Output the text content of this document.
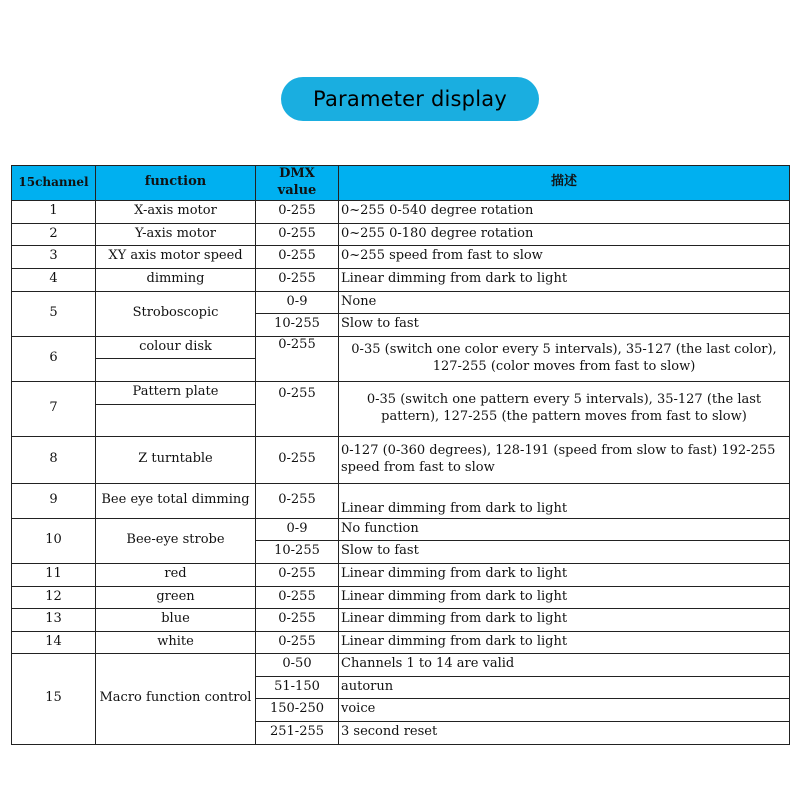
Parameter display
15channel	function	DMX value	描述
1	X-axis motor	0-255	0~255 0-540 degree rotation
2	Y-axis motor	0-255	0~255 0-180 degree rotation
3	XY axis motor speed	0-255	0~255 speed from fast to slow
4	dimming	0-255	Linear dimming from dark to light
5	Stroboscopic	0-9	None
		10-255	Slow to fast
6	colour disk	0-255	0-35 (switch one color every 5 intervals), 35-127 (the last color), 127-255 (color moves from fast to slow)

7	Pattern plate	0-255	0-35 (switch one pattern every 5 intervals), 35-127 (the last pattern), 127-255 (the pattern moves from fast to slow)

8	Z turntable	0-255	0-127 (0-360 degrees), 128-191 (speed from slow to fast) 192-255 speed from fast to slow
9	Bee eye total dimming	0-255	Linear dimming from dark to light
10	Bee-eye strobe	0-9	No function
		10-255	Slow to fast
11	red	0-255	Linear dimming from dark to light
12	green	0-255	Linear dimming from dark to light
13	blue	0-255	Linear dimming from dark to light
14	white	0-255	Linear dimming from dark to light
15	Macro function control	0-50	Channels 1 to 14 are valid
		51-150	autorun
		150-250	voice
		251-255	3 second reset
